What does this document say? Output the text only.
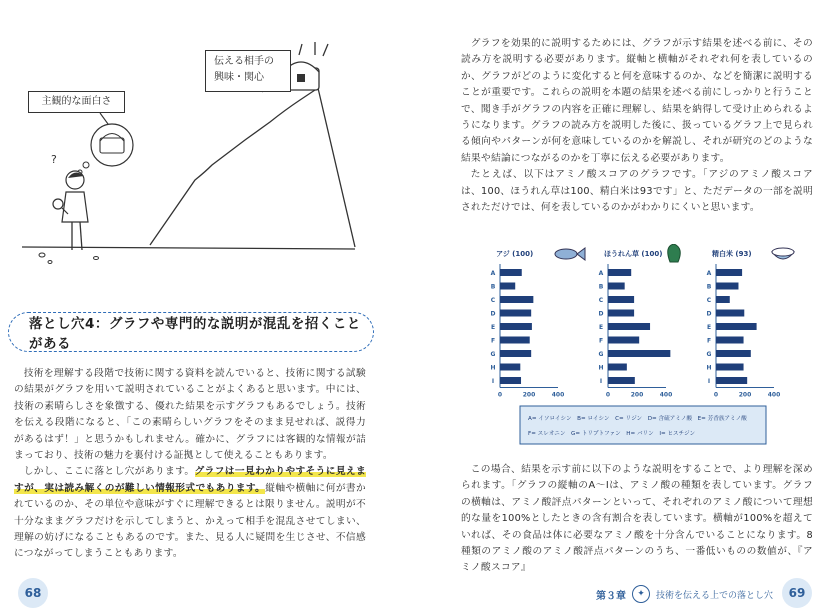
?
主観的な面白さ
伝える相手の
興味・関心
落とし穴4：グラフや専門的な説明が混乱を招くことがある

技術を理解する段階で技術に関する資料を読んでいると、技術に関する試験の結果がグラフを用いて説明されていることがよくあると思います。中には、技術の素晴らしさを象徴する、優れた結果を示すグラフもあるでしょう。技術を伝える段階になると、「この素晴らしいグラフをそのまま見せれば、説得力があるはず！」と思うかもしれません。確かに、グラフには客観的な情報が詰まっており、技術の魅力を裏付ける証拠として使えることもあります。

しかし、ここに落とし穴があります。グラフは一見わかりやすそうに見えますが、実は読み解くのが難しい情報形式でもあります。縦軸や横軸に何が書かれているのか、その単位や意味がすぐに理解できるとは限りません。説明が不十分なままグラフだけを示してしまうと、かえって相手を混乱させてしまい、理解の妨げになることもあるのです。また、見る人に疑問を生じさせ、不信感につながってしまうこともあります。

68

グラフを効果的に説明するためには、グラフが示す結果を述べる前に、その読み方を説明する必要があります。縦軸と横軸がそれぞれ何を表しているのか、グラフがどのように変化すると何を意味するのか、などを簡潔に説明することが重要です。これらの説明を本題の結果を述べる前にしっかりと行うことで、聞き手がグラフの内容を正確に理解し、結果を納得して受け止められるようになります。グラフの読み方を説明した後に、扱っているグラフ上で見られる傾向やパターンが何を意味しているのかを解説し、それが研究のどのような結果や結論につながるのかを丁寧に伝える必要があります。

たとえば、以下はアミノ酸スコアのグラフです。「アジのアミノ酸スコアは、100、ほうれん草は100、精白米は93です」と、ただデータの一部を説明されただけでは、何を表しているのかがわかりにくいと思います。

アジ (100)
A
B
C
D
E
F
G
H
I
0	200	400
ほうれん草 (100)
A
B
C
D
E
F
G
H
I
0	200	400
精白米 (93)
A
B
C
D
E
F
G
H
I
0	200	400
A= イソロイシン　B= ロイシン　C= リジン　D= 含硫アミノ酸　E= 芳香族アミノ酸
F= スレオニン　G= トリプトファン　H= バリン　I= ヒスチジン

この場合、結果を示す前に以下のような説明をすることで、より理解を深められます。「グラフの縦軸のA～Iは、アミノ酸の種類を表しています。グラフの横軸は、アミノ酸評点パターンといって、それぞれのアミノ酸について理想的な量を100%としたときの含有割合を表しています。横軸が100%を超えていれば、その食品は体に必要なアミノ酸を十分含んでいることになります。8種類のアミノ酸のアミノ酸評点パターンのうち、一番低いものの数値が、『アミノ酸スコア』

第３章	✦	技術を伝える上での落とし穴	69
